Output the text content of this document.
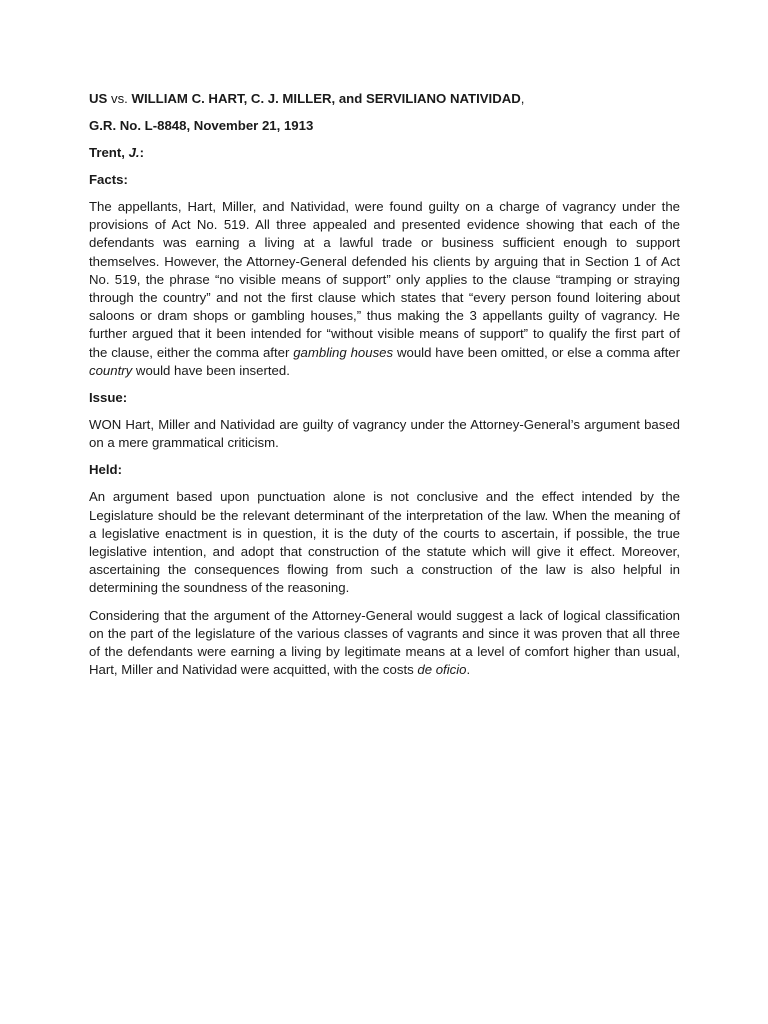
US vs. WILLIAM C. HART, C. J. MILLER, and SERVILIANO NATIVIDAD,
G.R. No. L-8848, November 21, 1913
Trent, J.:
Facts:

The appellants, Hart, Miller, and Natividad, were found guilty on a charge of vagrancy under the provisions of Act No. 519. All three appealed and presented evidence showing that each of the defendants was earning a living at a lawful trade or business sufficient enough to support themselves. However, the Attorney-General defended his clients by arguing that in Section 1 of Act No. 519, the phrase “no visible means of support” only applies to the clause “tramping or straying through the country” and not the first clause which states that “every person found loitering about saloons or dram shops or gambling houses,” thus making the 3 appellants guilty of vagrancy. He further argued that it been intended for “without visible means of support” to qualify the first part of the clause, either the comma after gambling houses would have been omitted, or else a comma after country would have been inserted.

Issue:

WON Hart, Miller and Natividad are guilty of vagrancy under the Attorney-General’s argument based on a mere grammatical criticism.

Held:

An argument based upon punctuation alone is not conclusive and the effect intended by the Legislature should be the relevant determinant of the interpretation of the law. When the meaning of a legislative enactment is in question, it is the duty of the courts to ascertain, if possible, the true legislative intention, and adopt that construction of the statute which will give it effect. Moreover, ascertaining the consequences flowing from such a construction of the law is also helpful in determining the soundness of the reasoning.

Considering that the argument of the Attorney-General would suggest a lack of logical classification on the part of the legislature of the various classes of vagrants and since it was proven that all three of the defendants were earning a living by legitimate means at a level of comfort higher than usual, Hart, Miller and Natividad were acquitted, with the costs de oficio.
